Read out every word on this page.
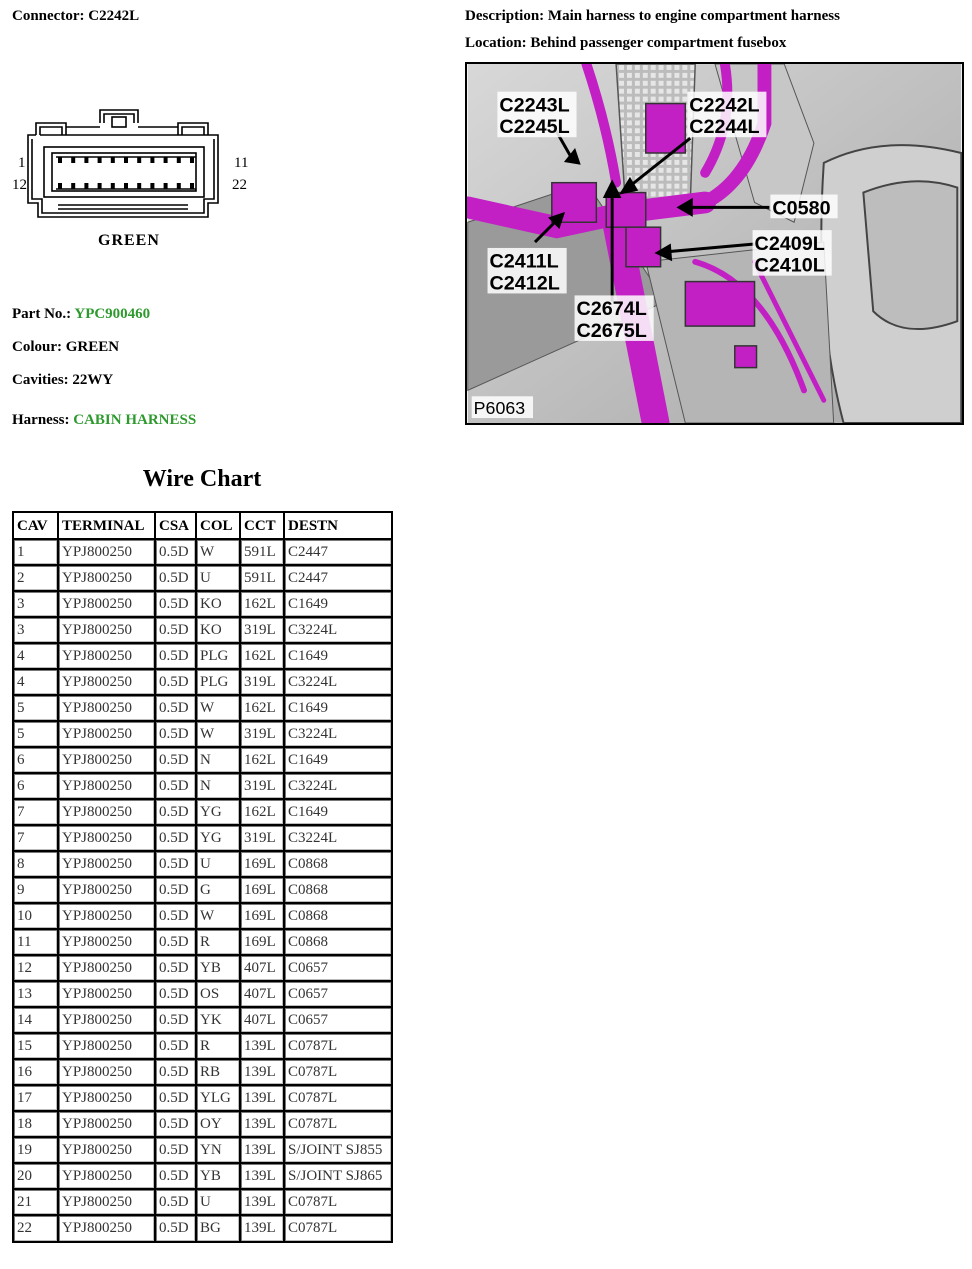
Connector: C2242L	Description: Main harness to engine compartment harness
Location: Behind passenger compartment fusebox
1
12
11
22
GREEN
Part No.: YPC900460
Colour: GREEN
Cavities: 22WY
Harness: CABIN HARNESS
C2243L
C2245L
C2242L
C2244L
C0580
C2409L
C2410L
C2411L
C2412L
C2674L
C2675L
P6063
Wire Chart
CAV	TERMINAL	CSA	COL	CCT	DESTN
1	YPJ800250	0.5D	W	591L	C2447
2	YPJ800250	0.5D	U	591L	C2447
3	YPJ800250	0.5D	KO	162L	C1649
3	YPJ800250	0.5D	KO	319L	C3224L
4	YPJ800250	0.5D	PLG	162L	C1649
4	YPJ800250	0.5D	PLG	319L	C3224L
5	YPJ800250	0.5D	W	162L	C1649
5	YPJ800250	0.5D	W	319L	C3224L
6	YPJ800250	0.5D	N	162L	C1649
6	YPJ800250	0.5D	N	319L	C3224L
7	YPJ800250	0.5D	YG	162L	C1649
7	YPJ800250	0.5D	YG	319L	C3224L
8	YPJ800250	0.5D	U	169L	C0868
9	YPJ800250	0.5D	G	169L	C0868
10	YPJ800250	0.5D	W	169L	C0868
11	YPJ800250	0.5D	R	169L	C0868
12	YPJ800250	0.5D	YB	407L	C0657
13	YPJ800250	0.5D	OS	407L	C0657
14	YPJ800250	0.5D	YK	407L	C0657
15	YPJ800250	0.5D	R	139L	C0787L
16	YPJ800250	0.5D	RB	139L	C0787L
17	YPJ800250	0.5D	YLG	139L	C0787L
18	YPJ800250	0.5D	OY	139L	C0787L
19	YPJ800250	0.5D	YN	139L	S/JOINT SJ855
20	YPJ800250	0.5D	YB	139L	S/JOINT SJ865
21	YPJ800250	0.5D	U	139L	C0787L
22	YPJ800250	0.5D	BG	139L	C0787L
